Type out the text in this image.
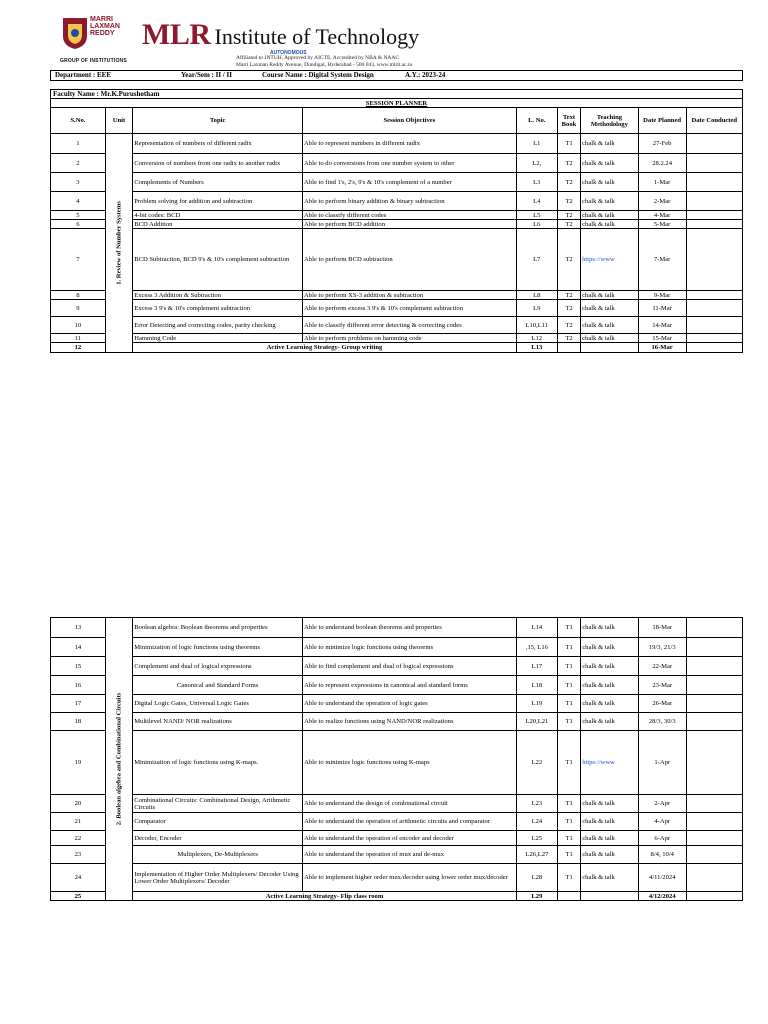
MARRI
LAXMAN
REDDY
GROUP OF INSTITUTIONS
MLR Institute of Technology
AUTONOMOUS
Affiliated to JNTUH, Approved by AICTE, Accredited by NBA & NAAC
Marri Laxman Reddy Avenue, Dundigal, Hyderabad - 500 043, www.mlrit.ac.in
Department : EEE	Year/Sem : II / II	Course Name : Digital System Design	A.Y.: 2023-24
Faculty Name : Mr.K.Purushotham
SESSION PLANNER								
S.No.	Unit	Topic	Session Objectives	L. No.	Text Book	Teaching Methodology	Date Planned	Date Conducted
1	1. Review of Number Systems	Representation of numbers of different radix	Able to represent numbers in different radix	L1	T1	chalk & talk	27-Feb	
2		Conversion of numbers from one radix to another radix	Able to do conversions from one number system to other	L2,	T2	chalk & talk	28.2.24	
3		Complements of Numbers	Able to find 1's, 2's, 9's & 10's complement of a number	L3	T2	chalk & talk	1-Mar	
4		Problem solving for addition and subtraction	Able to perform binary addition & binary subtraction	L4	T2	chalk & talk	2-Mar	
5		4-bit codes: BCD	Able to classify different codes	L5	T2	chalk & talk	4-Mar	
6		BCD Addition	Able to perform BCD addition	L6	T2	chalk & talk	5-Mar	
7		BCD Subtraction, BCD 9's & 10's complement subtraction	Able to perform BCD subtraction	L7	T2	https://www	7-Mar	
8		Excess 3 Addition & Subtraction	Able to perform XS-3 addition & subtraction	L8	T2	chalk & talk	9-Mar	
9		Excess 3 9's & 10's complement subtraction	Able to perform excess 3 9's & 10's complement subtraction	L9	T2	chalk & talk	11-Mar	
10		Error Detecting and correcting codes, parity checking	Able to classify different error detecting & correcting codes	L10,L11	T2	chalk & talk	14-Mar	
11		Hamming Code	Able to perform problems on hamming code	L12	T2	chalk & talk	15-Mar	
12		Active Learning Strategy- Group writing		L13			16-Mar	
13	2. Boolean algebra and Combinational Circuits	Boolean algebra: Boolean theorems and properties	Able to understand boolean theorems and properties	L14	T1	chalk & talk	18-Mar	
14		Minimization of logic functions using theorems	Able to minimize logic functions using theorems	,15, L16	T1	chalk & talk	19/3, 21/3	
15		Complement and dual of logical expressions	Able to find complement and dual of logical expressions	L17	T1	chalk & talk	22-Mar	
16		Canonical and Standard Forms	Able to represent expressions in canonical and standard forms	L18	T1	chalk & talk	23-Mar	
17		Digital Logic Gates, Universal Logic Gates	Able to understand the operation of logic gates	L19	T1	chalk & talk	26-Mar	
18		Multilevel NAND/ NOR realizations	Able to realize functions using NAND/NOR realizations	L20,L21	T1	chalk & talk	28/3, 30/3	
19		Minimization of logic functions using K-maps.	Able to minimize logic functions using K-maps	L22	T1	https://www	1-Apr	
20		Combinational Circuits: Combinational Design, Arithmetic Circuits	Able to understand the design of combinational circuit	L23	T1	chalk & talk	2-Apr	
21		Comparator	Able to understand the operation of arithmetic circuits and comparator	L24	T1	chalk & talk	4-Apr	
22		Decoder, Encoder	Able to understand the operation of encoder and decoder	L25	T1	chalk & talk	6-Apr	
23		Multiplexers, De-Multiplexers	Able to understand the operation of mux and de-mux	L26,L27	T1	chalk & talk	8/4, 10/4	
24		Implementation of Higher Order Multiplexers/ Decoder Using Lower Order Multiplexers/ Decoder	Able to implement higher order mux/decoder using lower order mux/decoder	L28	T1	chalk & talk	4/11/2024	
25		Active Learning Strategy- Flip class room		L29			4/12/2024	
